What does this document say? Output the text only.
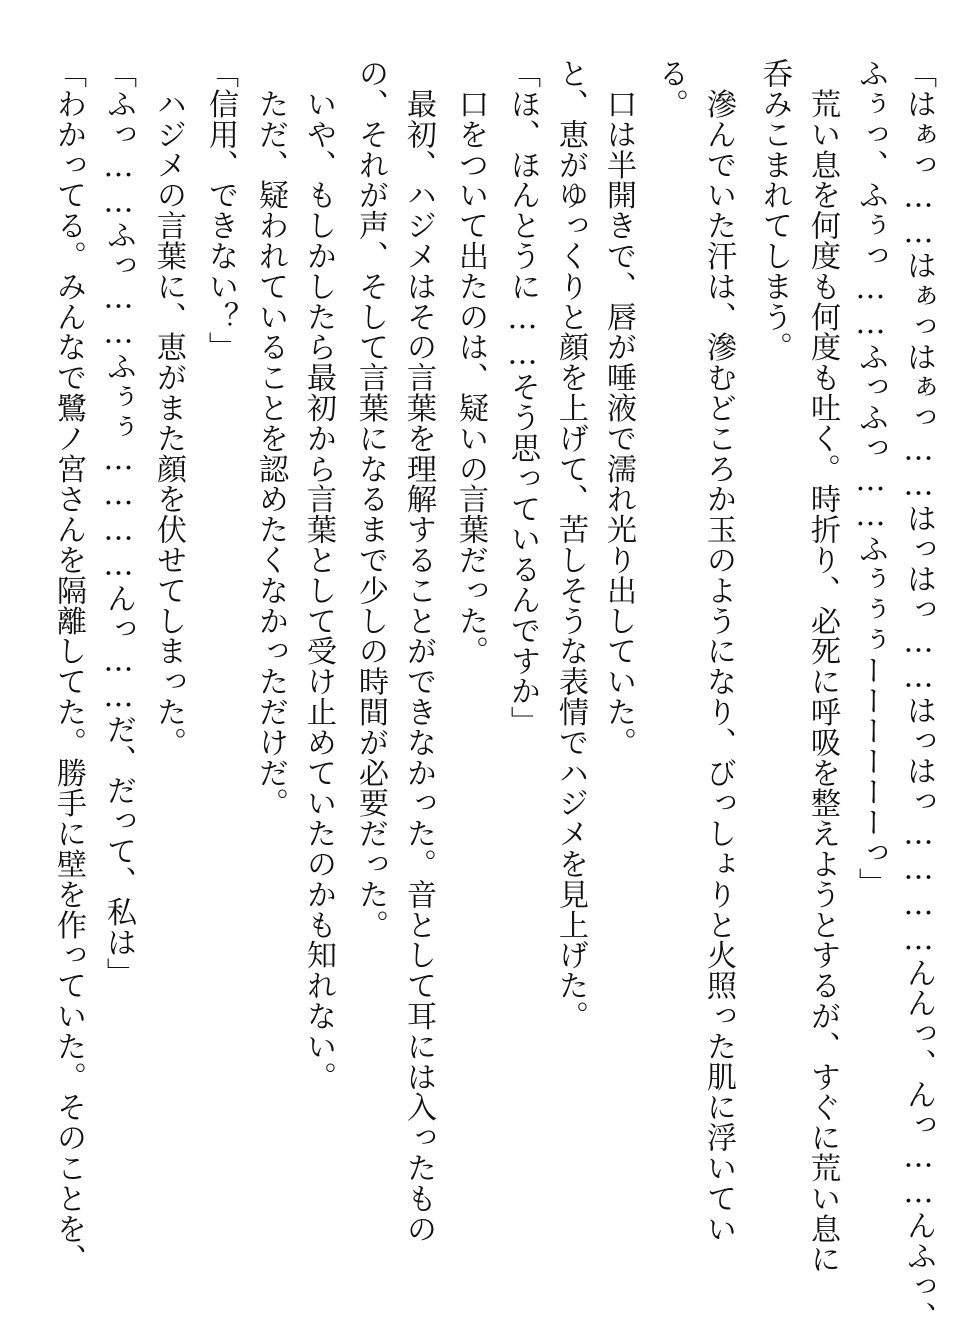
「はぁっ……はぁっはぁっ……はっはっ……はっはっ…………んんっ、んっ……んふっ、
ふぅっ、ふぅっ……ふっふっ……ふぅぅぅーーーーーーっ」
　荒い息を何度も何度も吐く。時折り、必死に呼吸を整えようとするが、すぐに荒い息に
呑みこまれてしまう。
　滲んでいた汗は、滲むどころか玉のようになり、びっしょりと火照った肌に浮いてい
る。
　口は半開きで、唇が唾液で濡れ光り出していた。
と、恵がゆっくりと顔を上げて、苦しそうな表情でハジメを見上げた。
「ほ、ほんとうに……そう思っているんですか」
　口をついて出たのは、疑いの言葉だった。
　最初、ハジメはその言葉を理解することができなかった。音として耳には入ったもの
の、それが声、そして言葉になるまで少しの時間が必要だった。
　いや、もしかしたら最初から言葉として受け止めていたのかも知れない。
　ただ、疑われていることを認めたくなかっただけだ。
「信用、できない？」
　ハジメの言葉に、恵がまた顔を伏せてしまった。
「ふっ……ふっ……ふぅぅ…………んっ……だ、だって、私は」
「わかってる。みんなで鷺ノ宮さんを隔離してた。勝手に壁を作っていた。そのことを、
